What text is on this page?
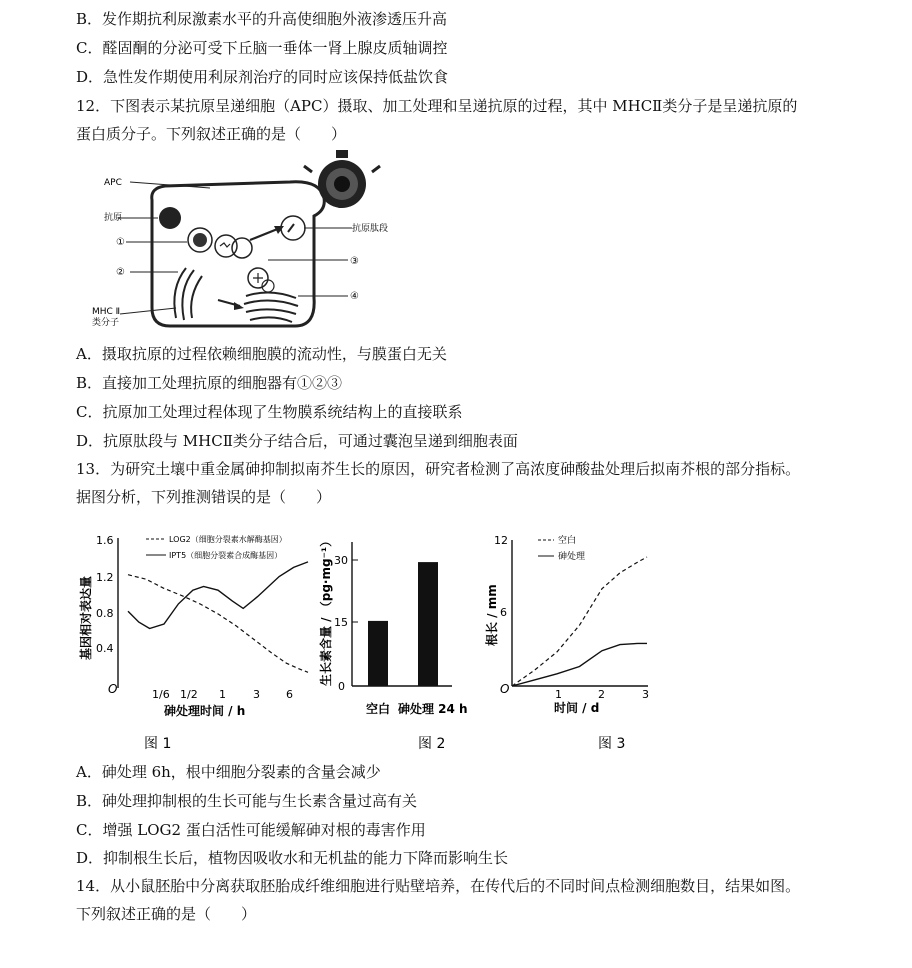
B．发作期抗利尿激素水平的升高使细胞外液渗透压升高
C．醛固酮的分泌可受下丘脑一垂体一肾上腺皮质轴调控
D．急性发作期使用利尿剂治疗的同时应该保持低盐饮食
12．下图表示某抗原呈递细胞（APC）摄取、加工处理和呈递抗原的过程，其中 MHCⅡ类分子是呈递抗原的
蛋白质分子。下列叙述正确的是（　　）
APC
抗原
①
抗原肽段
③
②
④
MHC Ⅱ
类分子
A．摄取抗原的过程依赖细胞膜的流动性，与膜蛋白无关
B．直接加工处理抗原的细胞器有①②③
C．抗原加工处理过程体现了生物膜系统结构上的直接联系
D．抗原肽段与 MHCⅡ类分子结合后，可通过囊泡呈递到细胞表面
13．为研究土壤中重金属砷抑制拟南芥生长的原因，研究者检测了高浓度砷酸盐处理后拟南芥根的部分指标。
据图分析，下列推测错误的是（　　）
O
1.6
1.2
0.8
0.4
1/6 1/2 1 3 6
砷处理时间 / h
基因相对表达量
LOG2（细胞分裂素水解酶基因）
IPT5（细胞分裂素合成酶基因）
图 1
0
15
30
空白 砷处理 24 h
生长素含量 / （pg·mg⁻¹）
图 2
O
12
6
1	2	3
时间 / d
根长 / mm
空白
砷处理
图 3
A．砷处理 6h，根中细胞分裂素的含量会减少
B．砷处理抑制根的生长可能与生长素含量过高有关
C．增强 LOG2 蛋白活性可能缓解砷对根的毒害作用
D．抑制根生长后，植物因吸收水和无机盐的能力下降而影响生长
14．从小鼠胚胎中分离获取胚胎成纤维细胞进行贴壁培养，在传代后的不同时间点检测细胞数目，结果如图。
下列叙述正确的是（　　）
